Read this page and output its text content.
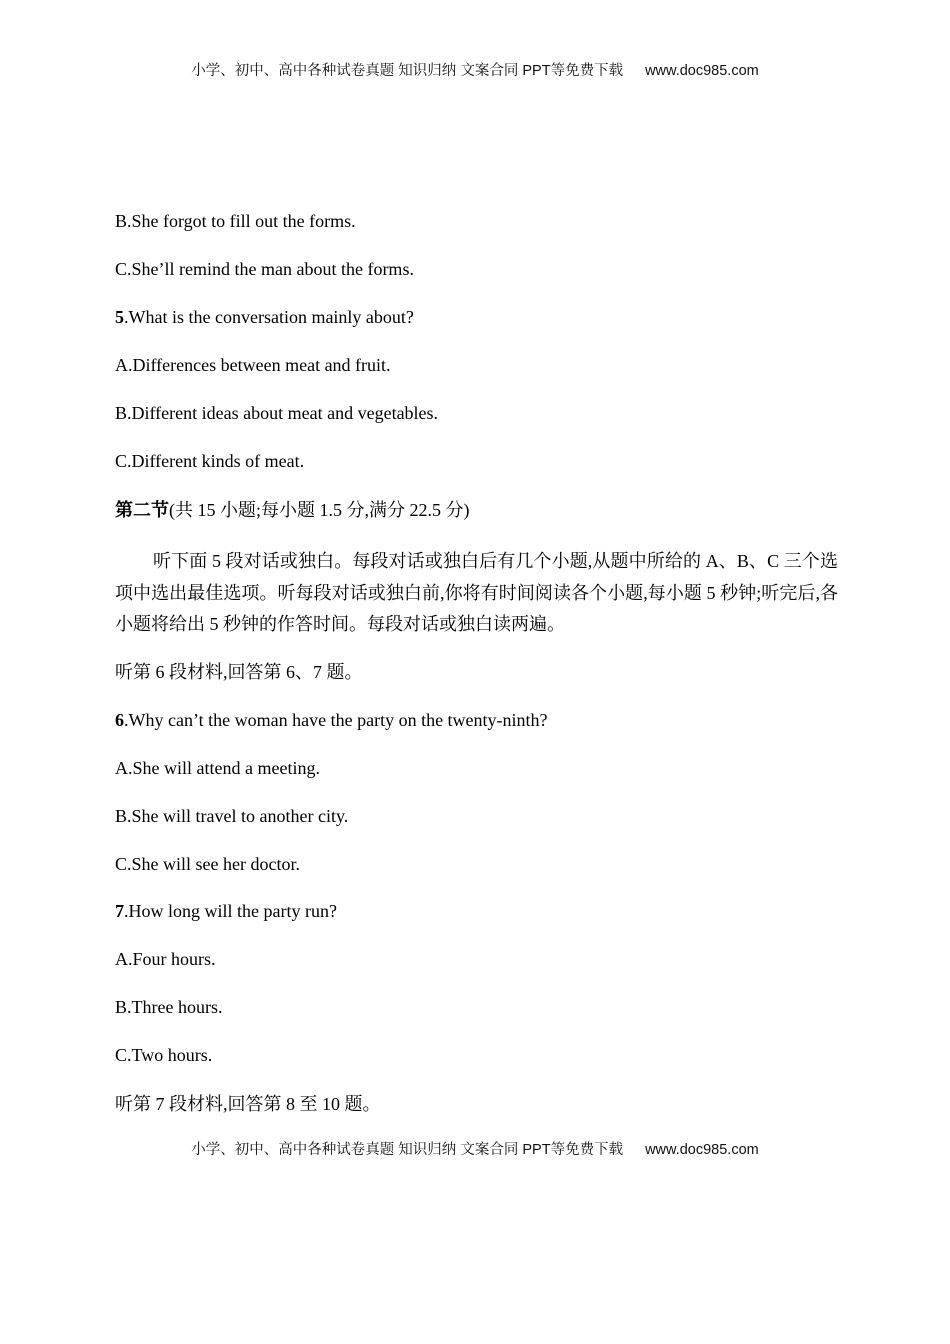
小学、初中、高中各种试卷真题 知识归纳 文案合同 PPT等免费下载 www.doc985.com
B.She forgot to fill out the forms.
C.She’ll remind the man about the forms.
5.What is the conversation mainly about?
A.Differences between meat and fruit.
B.Different ideas about meat and vegetables.
C.Different kinds of meat.
第二节(共 15 小题;每小题 1.5 分,满分 22.5 分)
听下面 5 段对话或独白。每段对话或独白后有几个小题,从题中所给的 A、B、C 三个选项中选出最佳选项。听每段对话或独白前,你将有时间阅读各个小题,每小题 5 秒钟;听完后,各小题将给出 5 秒钟的作答时间。每段对话或独白读两遍。
听第 6 段材料,回答第 6、7 题。
6.Why can’t the woman have the party on the twenty-ninth?
A.She will attend a meeting.
B.She will travel to another city.
C.She will see her doctor.
7.How long will the party run?
A.Four hours.
B.Three hours.
C.Two hours.
听第 7 段材料,回答第 8 至 10 题。
小学、初中、高中各种试卷真题 知识归纳 文案合同 PPT等免费下载 www.doc985.com
